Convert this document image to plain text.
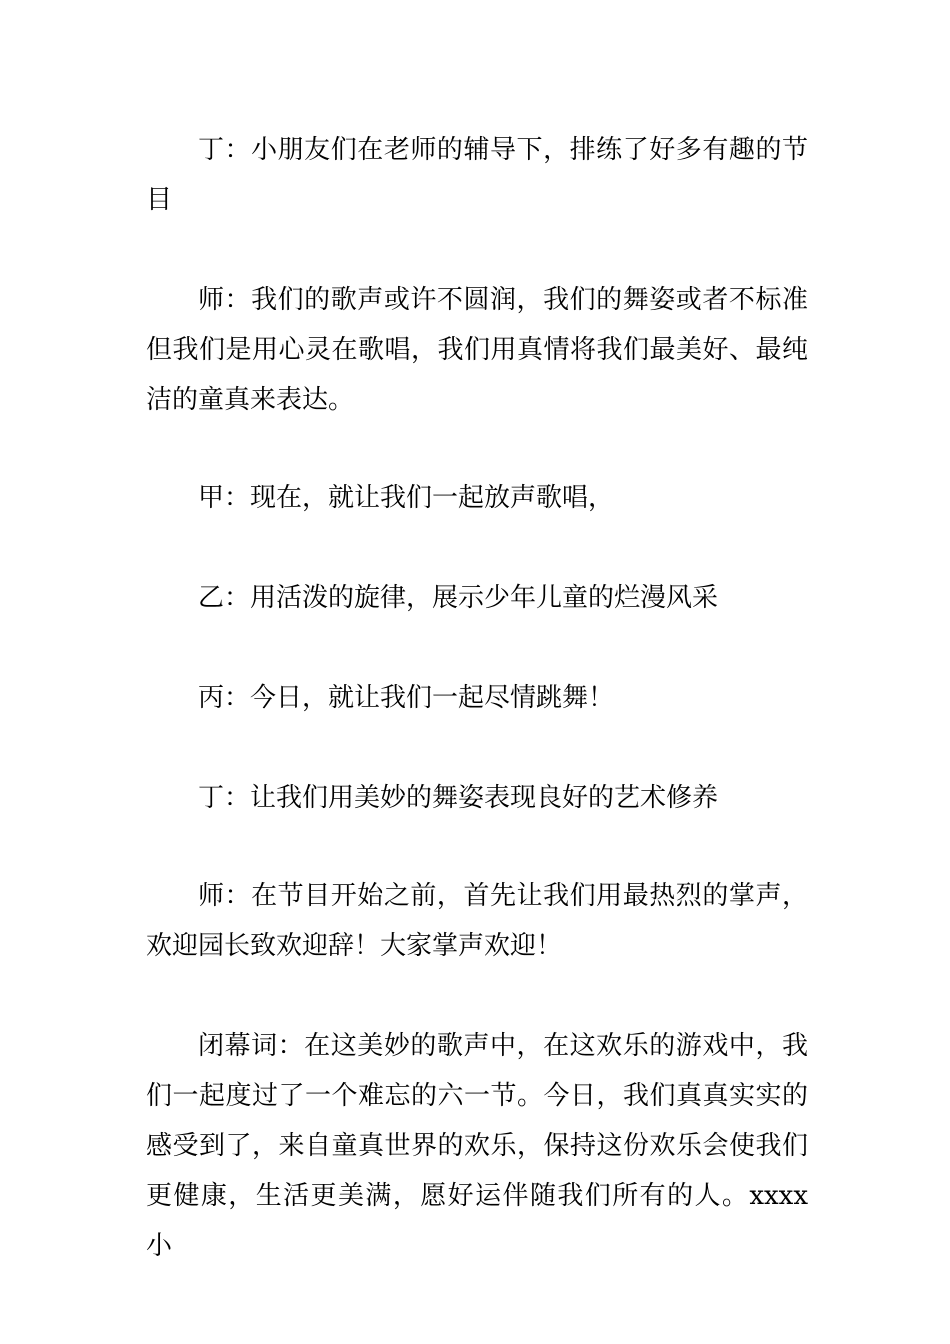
丁：小朋友们在老师的辅导下，排练了好多有趣的节目

师：我们的歌声或许不圆润，我们的舞姿或者不标准但我们是用心灵在歌唱，我们用真情将我们最美好、最纯洁的童真来表达。

甲：现在，就让我们一起放声歌唱，

乙：用活泼的旋律，展示少年儿童的烂漫风采

丙：今日，就让我们一起尽情跳舞！

丁：让我们用美妙的舞姿表现良好的艺术修养

师：在节目开始之前，首先让我们用最热烈的掌声，欢迎园长致欢迎辞！大家掌声欢迎！

闭幕词：在这美妙的歌声中，在这欢乐的游戏中，我们一起度过了一个难忘的六一节。今日，我们真真实实的感受到了，来自童真世界的欢乐，保持这份欢乐会使我们更健康，生活更美满，愿好运伴随我们所有的人。xxxx 小
